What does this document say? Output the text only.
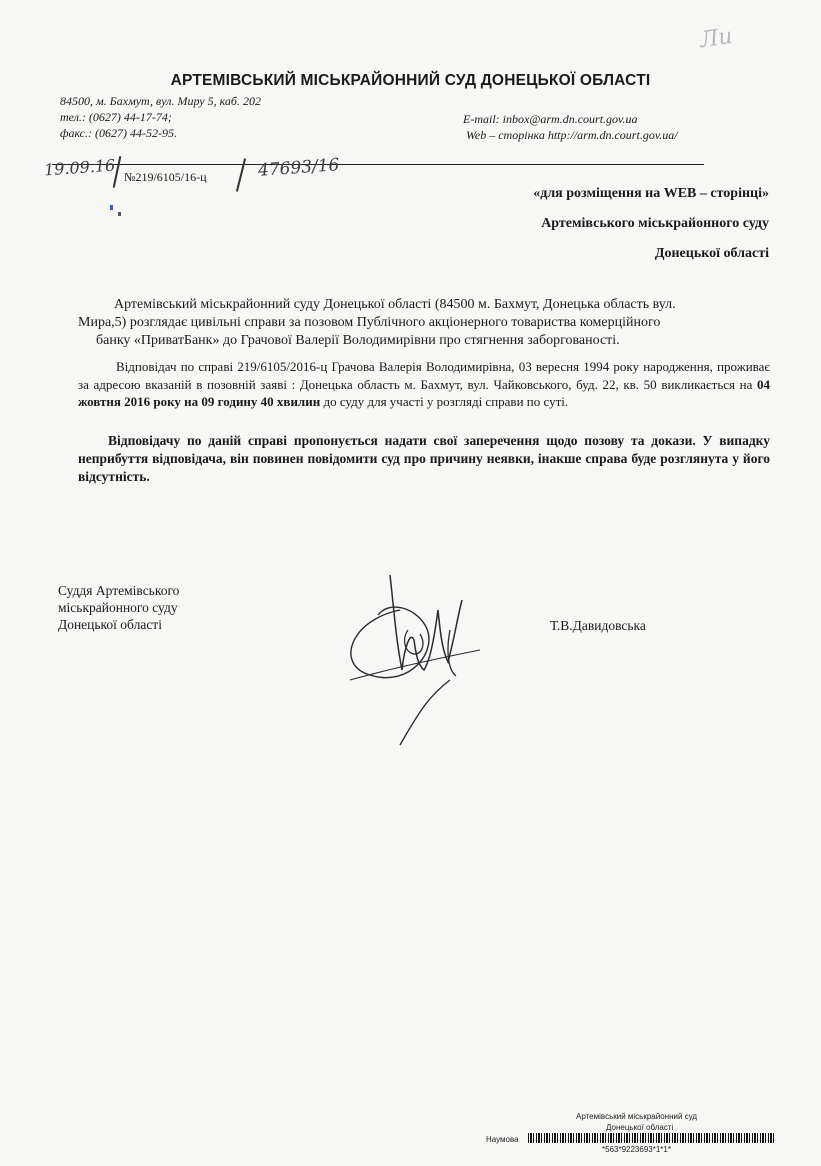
АРТЕМІВСЬКИЙ МІСЬКРАЙОННИЙ СУД ДОНЕЦЬКОЇ ОБЛАСТІ
84500, м. Бахмут, вул. Миру 5, каб. 202
тел.: (0627) 44-17-74;
факс.: (0627) 44-52-95.
E-mail: inbox@arm.dn.court.gov.ua
Web – сторінка http://arm.dn.court.gov.ua/
Ли
19.09.16 №219/6105/16-ц	47693/16
«для розміщення на WEB – сторінці»
Артемівського міськрайонного суду
Донецької області
Артемівський міськрайонний суду Донецької області (84500 м. Бахмут, Донецька область вул.
Мира,5) розглядає цивільні справи за позовом Публічного акціонерного товариства комерційного
банку «ПриватБанк» до Грачової Валерії Володимирівни про стягнення заборгованості.
Відповідач по справі 219/6105/2016-ц Грачова Валерія Володимирівна, 03 вересня 1994 року народження, проживає за адресою вказаній в позовній заяві : Донецька область м. Бахмут, вул. Чайковського, буд. 22, кв. 50 викликається на 04 жовтня 2016 року на 09 годину 40 хвилин до суду для участі у розгляді справи по суті.
Відповідачу по даній справі пропонується надати свої заперечення щодо позову та докази. У випадку неприбуття відповідача, він повинен повідомити суд про причину неявки, інакше справа буде розглянута у його відсутність.
Суддя Артемівського
міськрайонного суду
Донецької області	Т.В.Давидовська
Артемівський міськрайонний суд
Донецької області
Наумова
*563*9223693*1*1*
